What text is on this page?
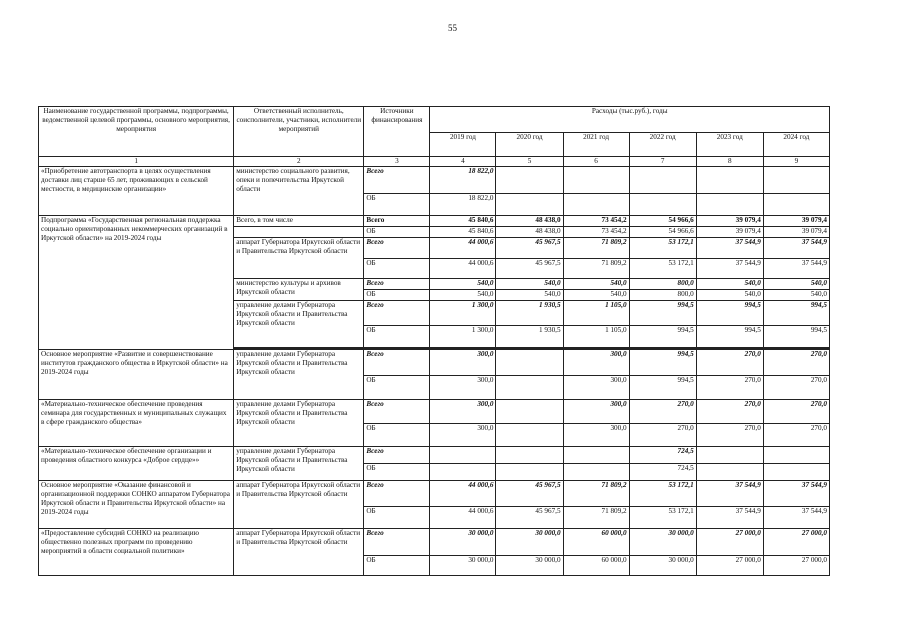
55
Наименование государственной программы, подпрограммы, ведомственной целевой программы, основного мероприятия, мероприятия	Ответственный исполнитель, соисполнители, участники, исполнители мероприятий	Источники финансирования	Расходы (тыс.руб.), годы					
			2019 год	2020 год	2021 год	2022 год	2023 год	2024 год
1	2	3	4	5	6	7	8	9
«Приобретение автотранспорта в целях осуществления доставки лиц старше 65 лет, проживающих в сельской местности, в медицинские организации»	министерство социального развития, опеки и попечительства Иркутской области	Всего	18 822,0					
		ОБ	18 822,0					
Подпрограмма «Государственная региональная поддержка социально ориентированных некоммерческих организаций в Иркутской области» на 2019-2024 годы	Всего, в том числе	Всего	45 840,6	48 438,0	73 454,2	54 966,6	39 079,4	39 079,4
		ОБ	45 840,6	48 438,0	73 454,2	54 966,6	39 079,4	39 079,4
	аппарат Губернатора Иркутской области и Правительства Иркутской области	Всего	44 000,6	45 967,5	71 809,2	53 172,1	37 544,9	37 544,9
		ОБ	44 000,6	45 967,5	71 809,2	53 172,1	37 544,9	37 544,9
	министерство культуры и архивов Иркутской области	Всего	540,0	540,0	540,0	800,0	540,0	540,0
		ОБ	540,0	540,0	540,0	800,0	540,0	540,0
	управление делами Губернатора Иркутской области и Правительства Иркутской области	Всего	1 300,0	1 930,5	1 105,0	994,5	994,5	994,5
		ОБ	1 300,0	1 930,5	1 105,0	994,5	994,5	994,5

Основное мероприятие «Развитие и совершенствование институтов гражданского общества в Иркутской области» на 2019-2024 годы	управление делами Губернатора Иркутской области и Правительства Иркутской области	Всего	300,0		300,0	994,5	270,0	270,0
		ОБ	300,0		300,0	994,5	270,0	270,0
«Материально-техническое обеспечение проведения семинара для государственных и муниципальных служащих в сфере гражданского общества»	управление делами Губернатора Иркутской области и Правительства Иркутской области	Всего	300,0		300,0	270,0	270,0	270,0
		ОБ	300,0		300,0	270,0	270,0	270,0
«Материально-техническое обеспечение организации и проведения областного конкурса «Доброе сердце»»	управление делами Губернатора Иркутской области и Правительства Иркутской области	Всего				724,5		
		ОБ				724,5		
Основное мероприятие «Оказание финансовой и организационной поддержки СОНКО аппаратом Губернатора Иркутской области и Правительства Иркутской области» на 2019-2024 годы	аппарат Губернатора Иркутской области и Правительства Иркутской области	Всего	44 000,6	45 967,5	71 809,2	53 172,1	37 544,9	37 544,9
		ОБ	44 000,6	45 967,5	71 809,2	53 172,1	37 544,9	37 544,9
«Предоставление субсидий СОНКО на реализацию общественно полезных программ по проведению мероприятий в области социальной политики»	аппарат Губернатора Иркутской области и Правительства Иркутской области	Всего	30 000,0	30 000,0	60 000,0	30 000,0	27 000,0	27 000,0
		ОБ	30 000,0	30 000,0	60 000,0	30 000,0	27 000,0	27 000,0
